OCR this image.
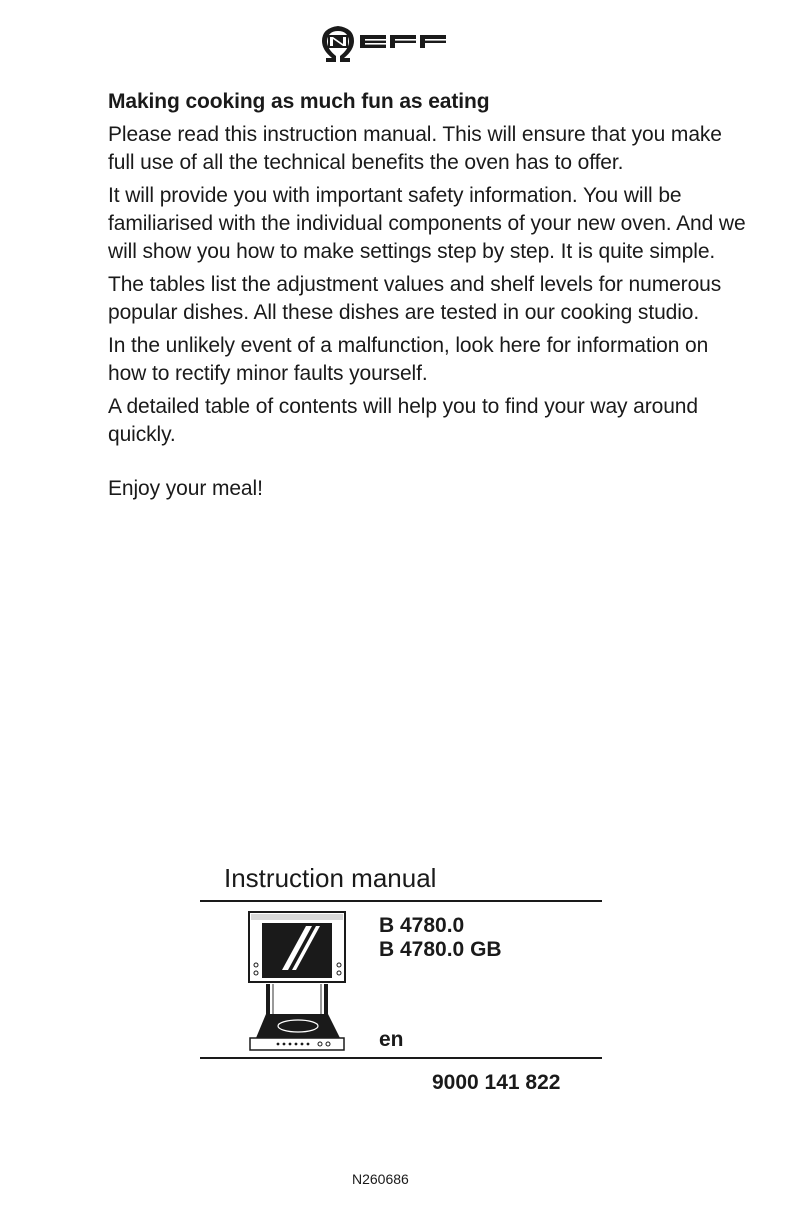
Making cooking as much fun as eating

Please read this instruction manual. This will ensure that you make full use of all the technical benefits the oven has to offer.

It will provide you with important safety information. You will be familiarised with the individual components of your new oven. And we will show you how to make settings step by step. It is quite simple.

The tables list the adjustment values and shelf levels for numerous popular dishes. All these dishes are tested in our cooking studio.

In the unlikely event of a malfunction, look here for information on how to rectify minor faults yourself.

A detailed table of contents will help you to find your way around quickly.

Enjoy your meal!

Instruction manual
B 4780.0
B 4780.0 GB
en
9000 141 822
N260686
